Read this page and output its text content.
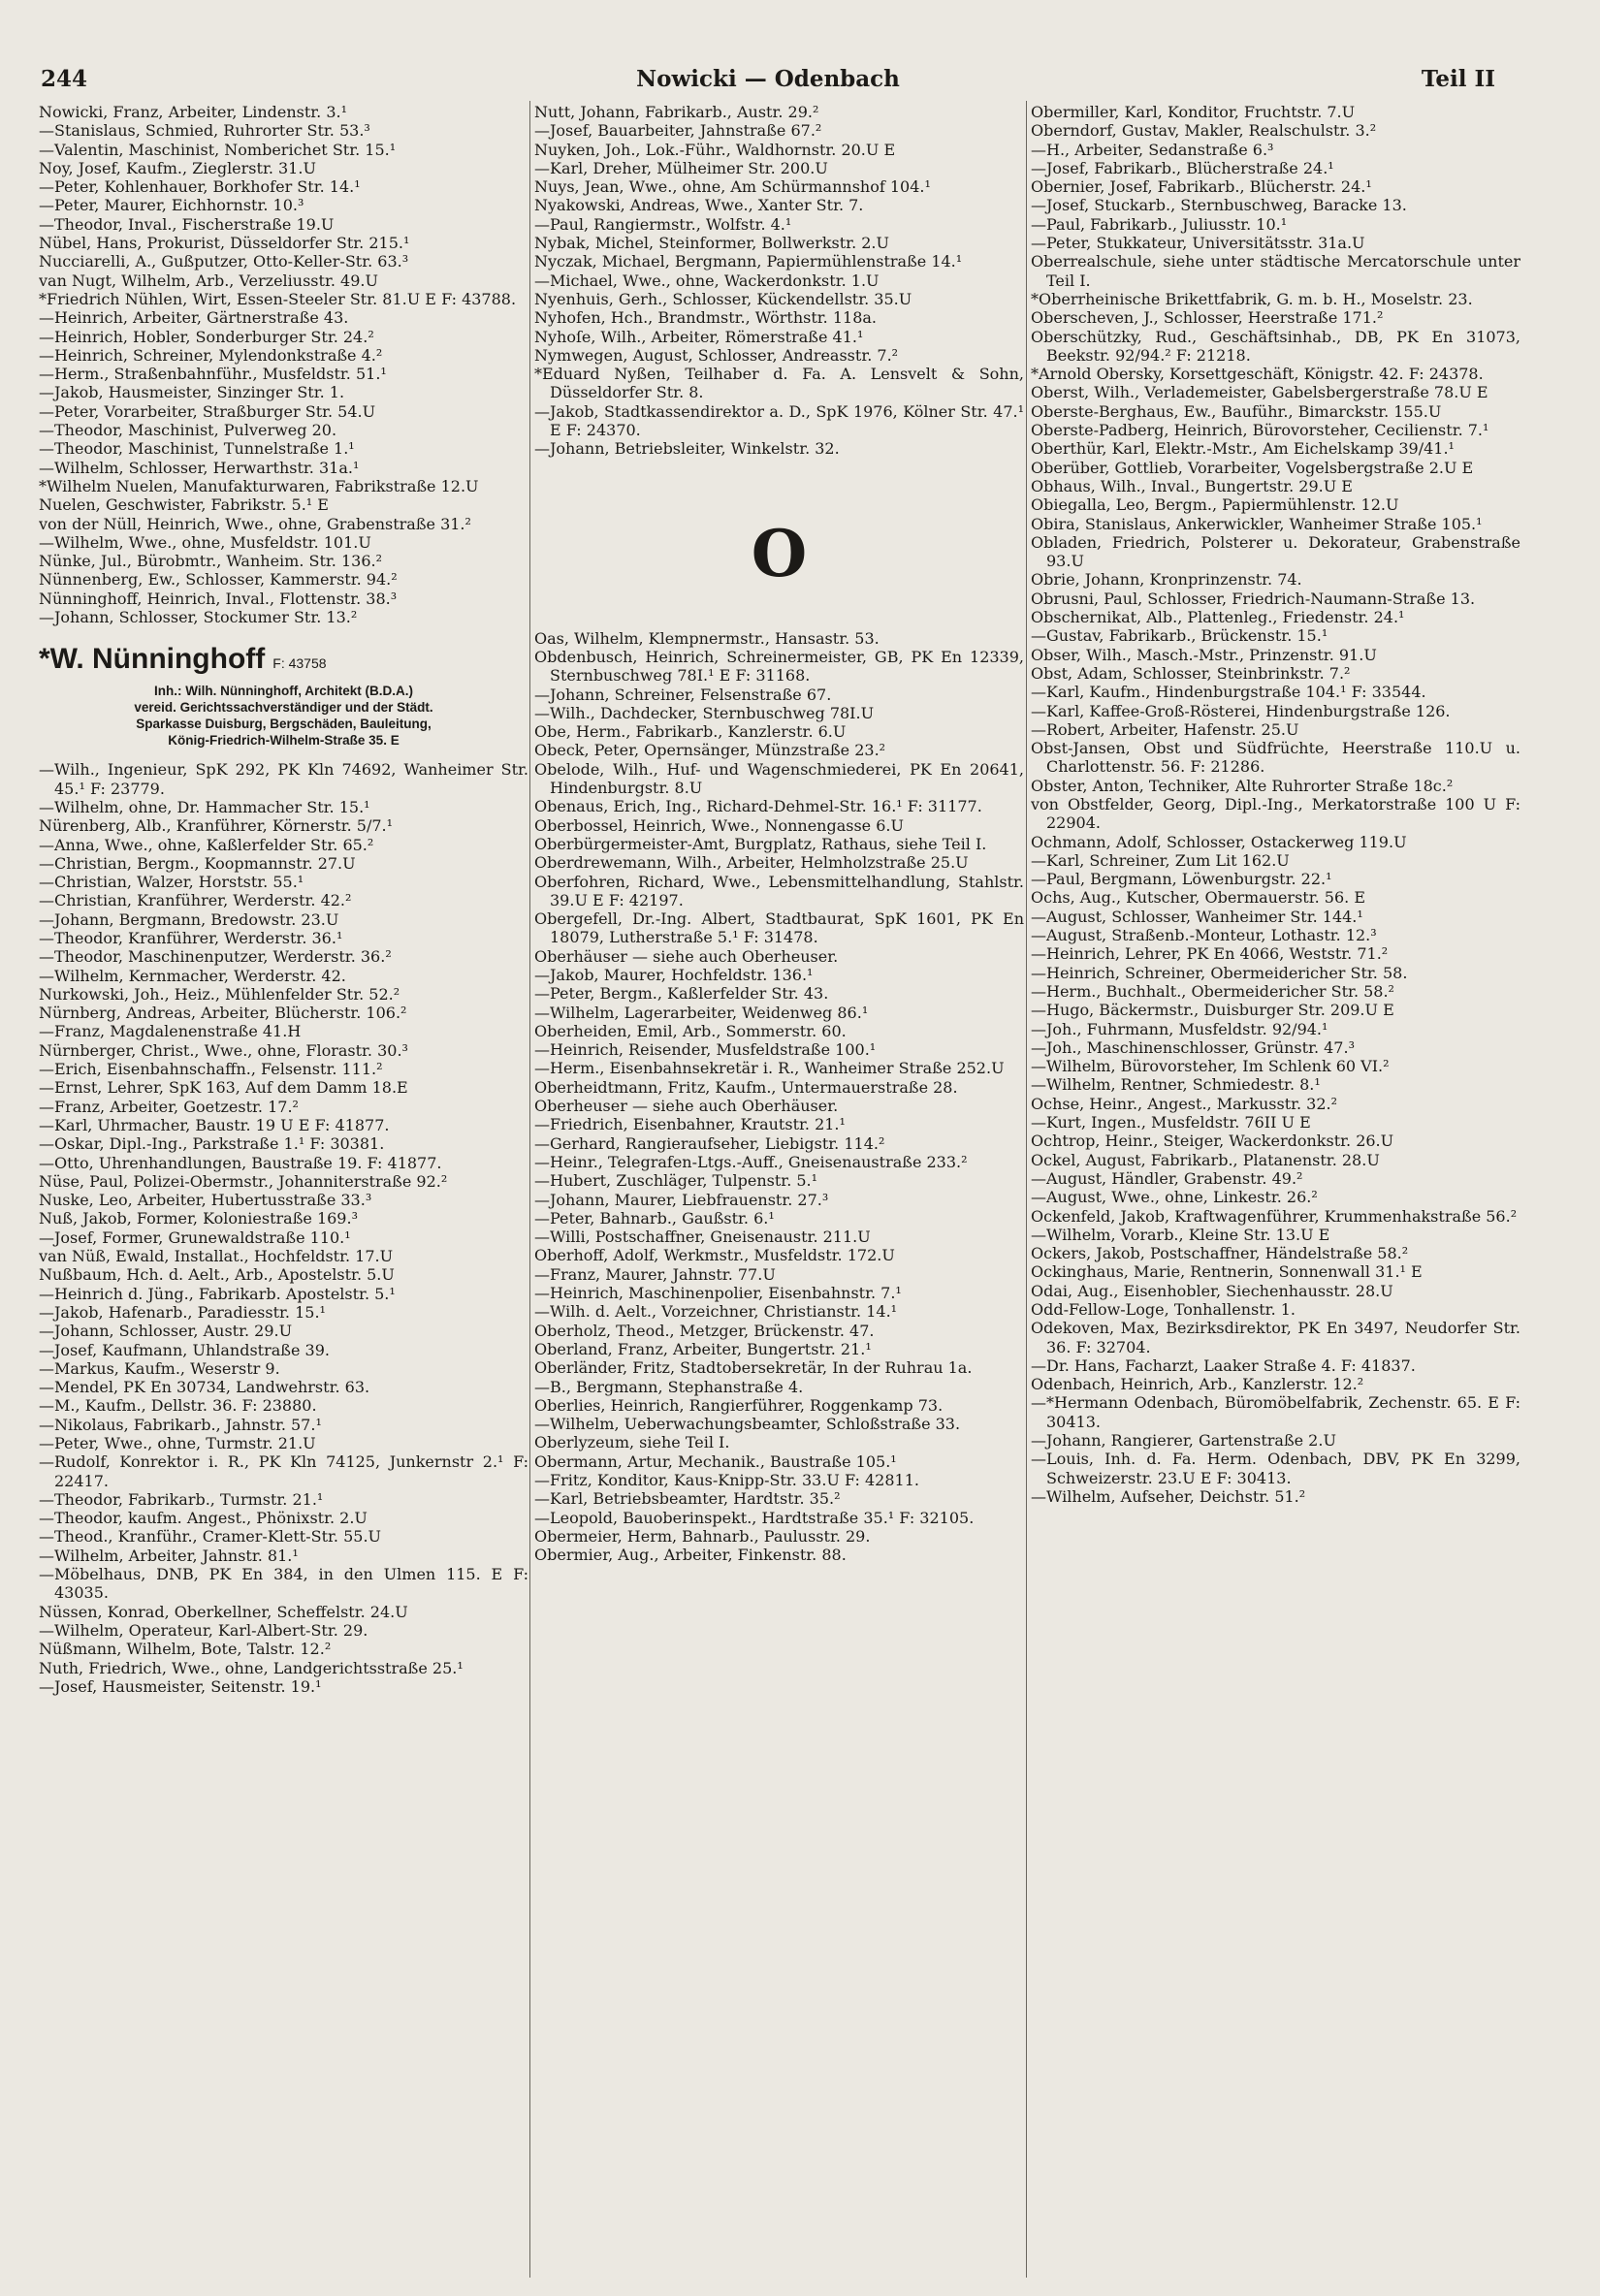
244	Nowicki — Odenbach	Teil II
Nowicki, Franz, Arbeiter, Lindenstr. 3.¹
—Stanislaus, Schmied, Ruhrorter Str. 53.³
—Valentin, Maschinist, Nomberichet Str. 15.¹
Noy, Josef, Kaufm., Zieglerstr. 31.U
—Peter, Kohlenhauer, Borkhofer Str. 14.¹
—Peter, Maurer, Eichhornstr. 10.³
—Theodor, Inval., Fischerstraße 19.U
Nübel, Hans, Prokurist, Düsseldorfer Str. 215.¹
Nucciarelli, A., Gußputzer, Otto-Keller-Str. 63.³
van Nugt, Wilhelm, Arb., Verzeliusstr. 49.U
*Friedrich Nühlen, Wirt, Essen-Steeler Str. 81.U E F: 43788.
—Heinrich, Arbeiter, Gärtnerstraße 43.
—Heinrich, Hobler, Sonderburger Str. 24.²
—Heinrich, Schreiner, Mylendonkstraße 4.²
—Herm., Straßenbahnführ., Musfeldstr. 51.¹
—Jakob, Hausmeister, Sinzinger Str. 1.
—Peter, Vorarbeiter, Straßburger Str. 54.U
—Theodor, Maschinist, Pulverweg 20.
—Theodor, Maschinist, Tunnelstraße 1.¹
—Wilhelm, Schlosser, Herwarthstr. 31a.¹
*Wilhelm Nuelen, Manufakturwaren, Fabrikstraße 12.U
Nuelen, Geschwister, Fabrikstr. 5.¹ E
von der Nüll, Heinrich, Wwe., ohne, Grabenstraße 31.²
—Wilhelm, Wwe., ohne, Musfeldstr. 101.U
Nünke, Jul., Bürobmtr., Wanheim. Str. 136.²
Nünnenberg, Ew., Schlosser, Kammerstr. 94.²
Nünninghoff, Heinrich, Inval., Flottenstr. 38.³
—Johann, Schlosser, Stockumer Str. 13.²
*W. Nünninghoff F: 43758
Inh.: Wilh. Nünninghoff, Architekt (B.D.A.)
vereid. Gerichtssachverständiger und der Städt.
Sparkasse Duisburg, Bergschäden, Bauleitung,
König-Friedrich-Wilhelm-Straße 35. E
—Wilh., Ingenieur, SpK 292, PK Kln 74692, Wanheimer Str. 45.¹ F: 23779.
—Wilhelm, ohne, Dr. Hammacher Str. 15.¹
Nürenberg, Alb., Kranführer, Körnerstr. 5/7.¹
—Anna, Wwe., ohne, Kaßlerfelder Str. 65.²
—Christian, Bergm., Koopmannstr. 27.U
—Christian, Walzer, Horststr. 55.¹
—Christian, Kranführer, Werderstr. 42.²
—Johann, Bergmann, Bredowstr. 23.U
—Theodor, Kranführer, Werderstr. 36.¹
—Theodor, Maschinenputzer, Werderstr. 36.²
—Wilhelm, Kernmacher, Werderstr. 42.
Nurkowski, Joh., Heiz., Mühlenfelder Str. 52.²
Nürnberg, Andreas, Arbeiter, Blücherstr. 106.²
—Franz, Magdalenenstraße 41.H
Nürnberger, Christ., Wwe., ohne, Florastr. 30.³
—Erich, Eisenbahnschaffn., Felsenstr. 111.²
—Ernst, Lehrer, SpK 163, Auf dem Damm 18.E
—Franz, Arbeiter, Goetzestr. 17.²
—Karl, Uhrmacher, Baustr. 19 U E F: 41877.
—Oskar, Dipl.-Ing., Parkstraße 1.¹ F: 30381.
—Otto, Uhrenhandlungen, Baustraße 19. F: 41877.
Nüse, Paul, Polizei-Obermstr., Johanniterstraße 92.²
Nuske, Leo, Arbeiter, Hubertusstraße 33.³
Nuß, Jakob, Former, Koloniestraße 169.³
—Josef, Former, Grunewaldstraße 110.¹
van Nüß, Ewald, Installat., Hochfeldstr. 17.U
Nußbaum, Hch. d. Aelt., Arb., Apostelstr. 5.U
—Heinrich d. Jüng., Fabrikarb. Apostelstr. 5.¹
—Jakob, Hafenarb., Paradiesstr. 15.¹
—Johann, Schlosser, Austr. 29.U
—Josef, Kaufmann, Uhlandstraße 39.
—Markus, Kaufm., Weserstr 9.
—Mendel, PK En 30734, Landwehrstr. 63.
—M., Kaufm., Dellstr. 36. F: 23880.
—Nikolaus, Fabrikarb., Jahnstr. 57.¹
—Peter, Wwe., ohne, Turmstr. 21.U
—Rudolf, Konrektor i. R., PK Kln 74125, Junkernstr 2.¹ F: 22417.
—Theodor, Fabrikarb., Turmstr. 21.¹
—Theodor, kaufm. Angest., Phönixstr. 2.U
—Theod., Kranführ., Cramer-Klett-Str. 55.U
—Wilhelm, Arbeiter, Jahnstr. 81.¹
—Möbelhaus, DNB, PK En 384, in den Ulmen 115. E F: 43035.
Nüssen, Konrad, Oberkellner, Scheffelstr. 24.U
—Wilhelm, Operateur, Karl-Albert-Str. 29.
Nüßmann, Wilhelm, Bote, Talstr. 12.²
Nuth, Friedrich, Wwe., ohne, Landgerichtsstraße 25.¹
—Josef, Hausmeister, Seitenstr. 19.¹
Nutt, Johann, Fabrikarb., Austr. 29.²
—Josef, Bauarbeiter, Jahnstraße 67.²
Nuyken, Joh., Lok.-Führ., Waldhornstr. 20.U E
—Karl, Dreher, Mülheimer Str. 200.U
Nuys, Jean, Wwe., ohne, Am Schürmannshof 104.¹
Nyakowski, Andreas, Wwe., Xanter Str. 7.
—Paul, Rangiermstr., Wolfstr. 4.¹
Nybak, Michel, Steinformer, Bollwerkstr. 2.U
Nyczak, Michael, Bergmann, Papiermühlenstraße 14.¹
—Michael, Wwe., ohne, Wackerdonkstr. 1.U
Nyenhuis, Gerh., Schlosser, Kückendellstr. 35.U
Nyhofen, Hch., Brandmstr., Wörthstr. 118a.
Nyhoſe, Wilh., Arbeiter, Römerstraße 41.¹
Nymwegen, August, Schlosser, Andreasstr. 7.²
*Eduard Nyßen, Teilhaber d. Fa. A. Lensvelt & Sohn, Düsseldorfer Str. 8.
—Jakob, Stadtkassendirektor a. D., SpK 1976, Kölner Str. 47.¹ E F: 24370.
—Johann, Betriebsleiter, Winkelstr. 32.
O
Oas, Wilhelm, Klempnermstr., Hansastr. 53.
Obdenbusch, Heinrich, Schreinermeister, GB, PK En 12339, Sternbuschweg 78I.¹ E F: 31168.
—Johann, Schreiner, Felsenstraße 67.
—Wilh., Dachdecker, Sternbuschweg 78I.U
Obe, Herm., Fabrikarb., Kanzlerstr. 6.U
Obeck, Peter, Opernsänger, Münzstraße 23.²
Obelode, Wilh., Huf- und Wagenschmiederei, PK En 20641, Hindenburgstr. 8.U
Obenaus, Erich, Ing., Richard-Dehmel-Str. 16.¹ F: 31177.
Oberbossel, Heinrich, Wwe., Nonnengasse 6.U
Oberbürgermeister-Amt, Burgplatz, Rathaus, siehe Teil I.
Oberdrewemann, Wilh., Arbeiter, Helmholzstraße 25.U
Oberfohren, Richard, Wwe., Lebensmittelhandlung, Stahlstr. 39.U E F: 42197.
Obergefell, Dr.-Ing. Albert, Stadtbaurat, SpK 1601, PK En 18079, Lutherstraße 5.¹ F: 31478.
Oberhäuser — siehe auch Oberheuser.
—Jakob, Maurer, Hochfeldstr. 136.¹
—Peter, Bergm., Kaßlerfelder Str. 43.
—Wilhelm, Lagerarbeiter, Weidenweg 86.¹
Oberheiden, Emil, Arb., Sommerstr. 60.
—Heinrich, Reisender, Musfeldstraße 100.¹
—Herm., Eisenbahnsekretär i. R., Wanheimer Straße 252.U
Oberheidtmann, Fritz, Kaufm., Untermauerstraße 28.
Oberheuser — siehe auch Oberhäuser.
—Friedrich, Eisenbahner, Krautstr. 21.¹
—Gerhard, Rangieraufseher, Liebigstr. 114.²
—Heinr., Telegrafen-Ltgs.-Auff., Gneisenaustraße 233.²
—Hubert, Zuschläger, Tulpenstr. 5.¹
—Johann, Maurer, Liebfrauenstr. 27.³
—Peter, Bahnarb., Gaußstr. 6.¹
—Willi, Postschaffner, Gneisenaustr. 211.U
Oberhoff, Adolf, Werkmstr., Musfeldstr. 172.U
—Franz, Maurer, Jahnstr. 77.U
—Heinrich, Maschinenpolier, Eisenbahnstr. 7.¹
—Wilh. d. Aelt., Vorzeichner, Christianstr. 14.¹
Oberholz, Theod., Metzger, Brückenstr. 47.
Oberland, Franz, Arbeiter, Bungertstr. 21.¹
Oberländer, Fritz, Stadtobersekretär, In der Ruhrau 1a.
—B., Bergmann, Stephanstraße 4.
Oberlies, Heinrich, Rangierführer, Roggenkamp 73.
—Wilhelm, Ueberwachungsbeamter, Schloßstraße 33.
Oberlyzeum, siehe Teil I.
Obermann, Artur, Mechanik., Baustraße 105.¹
—Fritz, Konditor, Kaus-Knipp-Str. 33.U F: 42811.
—Karl, Betriebsbeamter, Hardtstr. 35.²
—Leopold, Bauoberinspekt., Hardtstraße 35.¹ F: 32105.
Obermeier, Herm, Bahnarb., Paulusstr. 29.
Obermier, Aug., Arbeiter, Finkenstr. 88.
Obermiller, Karl, Konditor, Fruchtstr. 7.U
Oberndorf, Gustav, Makler, Realschulstr. 3.²
—H., Arbeiter, Sedanstraße 6.³
—Josef, Fabrikarb., Blücherstraße 24.¹
Obernier, Josef, Fabrikarb., Blücherstr. 24.¹
—Josef, Stuckarb., Sternbuschweg, Baracke 13.
—Paul, Fabrikarb., Juliusstr. 10.¹
—Peter, Stukkateur, Universitätsstr. 31a.U
Oberrealschule, siehe unter städtische Mercatorschule unter Teil I.
*Oberrheinische Brikettfabrik, G. m. b. H., Moselstr. 23.
Oberscheven, J., Schlosser, Heerstraße 171.²
Oberschützky, Rud., Geschäftsinhab., DB, PK En 31073, Beekstr. 92/94.² F: 21218.
*Arnold Obersky, Korsettgeschäft, Königstr. 42. F: 24378.
Oberst, Wilh., Verlademeister, Gabelsbergerstraße 78.U E
Oberste-Berghaus, Ew., Bauführ., Bimarckstr. 155.U
Oberste-Padberg, Heinrich, Bürovorsteher, Cecilienstr. 7.¹
Oberthür, Karl, Elektr.-Mstr., Am Eichelskamp 39/41.¹
Oberüber, Gottlieb, Vorarbeiter, Vogelsbergstraße 2.U E
Obhaus, Wilh., Inval., Bungertstr. 29.U E
Obiegalla, Leo, Bergm., Papiermühlenstr. 12.U
Obira, Stanislaus, Ankerwickler, Wanheimer Straße 105.¹
Obladen, Friedrich, Polsterer u. Dekorateur, Grabenstraße 93.U
Obrie, Johann, Kronprinzenstr. 74.
Obrusni, Paul, Schlosser, Friedrich-Naumann-Straße 13.
Obschernikat, Alb., Plattenleg., Friedenstr. 24.¹
—Gustav, Fabrikarb., Brückenstr. 15.¹
Obser, Wilh., Masch.-Mstr., Prinzenstr. 91.U
Obst, Adam, Schlosser, Steinbrinkstr. 7.²
—Karl, Kaufm., Hindenburgstraße 104.¹ F: 33544.
—Karl, Kaffee-Groß-Rösterei, Hindenburgstraße 126.
—Robert, Arbeiter, Hafenstr. 25.U
Obst-Jansen, Obst und Südfrüchte, Heerstraße 110.U u. Charlottenstr. 56. F: 21286.
Obster, Anton, Techniker, Alte Ruhrorter Straße 18c.²
von Obstfelder, Georg, Dipl.-Ing., Merkatorstraße 100 U F: 22904.
Ochmann, Adolf, Schlosser, Ostackerweg 119.U
—Karl, Schreiner, Zum Lit 162.U
—Paul, Bergmann, Löwenburgstr. 22.¹
Ochs, Aug., Kutscher, Obermauerstr. 56. E
—August, Schlosser, Wanheimer Str. 144.¹
—August, Straßenb.-Monteur, Lothastr. 12.³
—Heinrich, Lehrer, PK En 4066, Weststr. 71.²
—Heinrich, Schreiner, Obermeidericher Str. 58.
—Herm., Buchhalt., Obermeidericher Str. 58.²
—Hugo, Bäckermstr., Duisburger Str. 209.U E
—Joh., Fuhrmann, Musfeldstr. 92/94.¹
—Joh., Maschinenschlosser, Grünstr. 47.³
—Wilhelm, Bürovorsteher, Im Schlenk 60 VI.²
—Wilhelm, Rentner, Schmiedestr. 8.¹
Ochse, Heinr., Angest., Markusstr. 32.²
—Kurt, Ingen., Musfeldstr. 76II U E
Ochtrop, Heinr., Steiger, Wackerdonkstr. 26.U
Ockel, August, Fabrikarb., Platanenstr. 28.U
—August, Händler, Grabenstr. 49.²
—August, Wwe., ohne, Linkestr. 26.²
Ockenfeld, Jakob, Kraftwagenführer, Krummenhakstraße 56.²
—Wilhelm, Vorarb., Kleine Str. 13.U E
Ockers, Jakob, Postschaffner, Händelstraße 58.²
Ockinghaus, Marie, Rentnerin, Sonnenwall 31.¹ E
Odai, Aug., Eisenhobler, Siechenhausstr. 28.U
Odd-Fellow-Loge, Tonhallenstr. 1.
Odekoven, Max, Bezirksdirektor, PK En 3497, Neudorfer Str. 36. F: 32704.
—Dr. Hans, Facharzt, Laaker Straße 4. F: 41837.
Odenbach, Heinrich, Arb., Kanzlerstr. 12.²
—*Hermann Odenbach, Büromöbelfabrik, Zechenstr. 65. E F: 30413.
—Johann, Rangierer, Gartenstraße 2.U
—Louis, Inh. d. Fa. Herm. Odenbach, DBV, PK En 3299, Schweizerstr. 23.U E F: 30413.
—Wilhelm, Aufseher, Deichstr. 51.²
